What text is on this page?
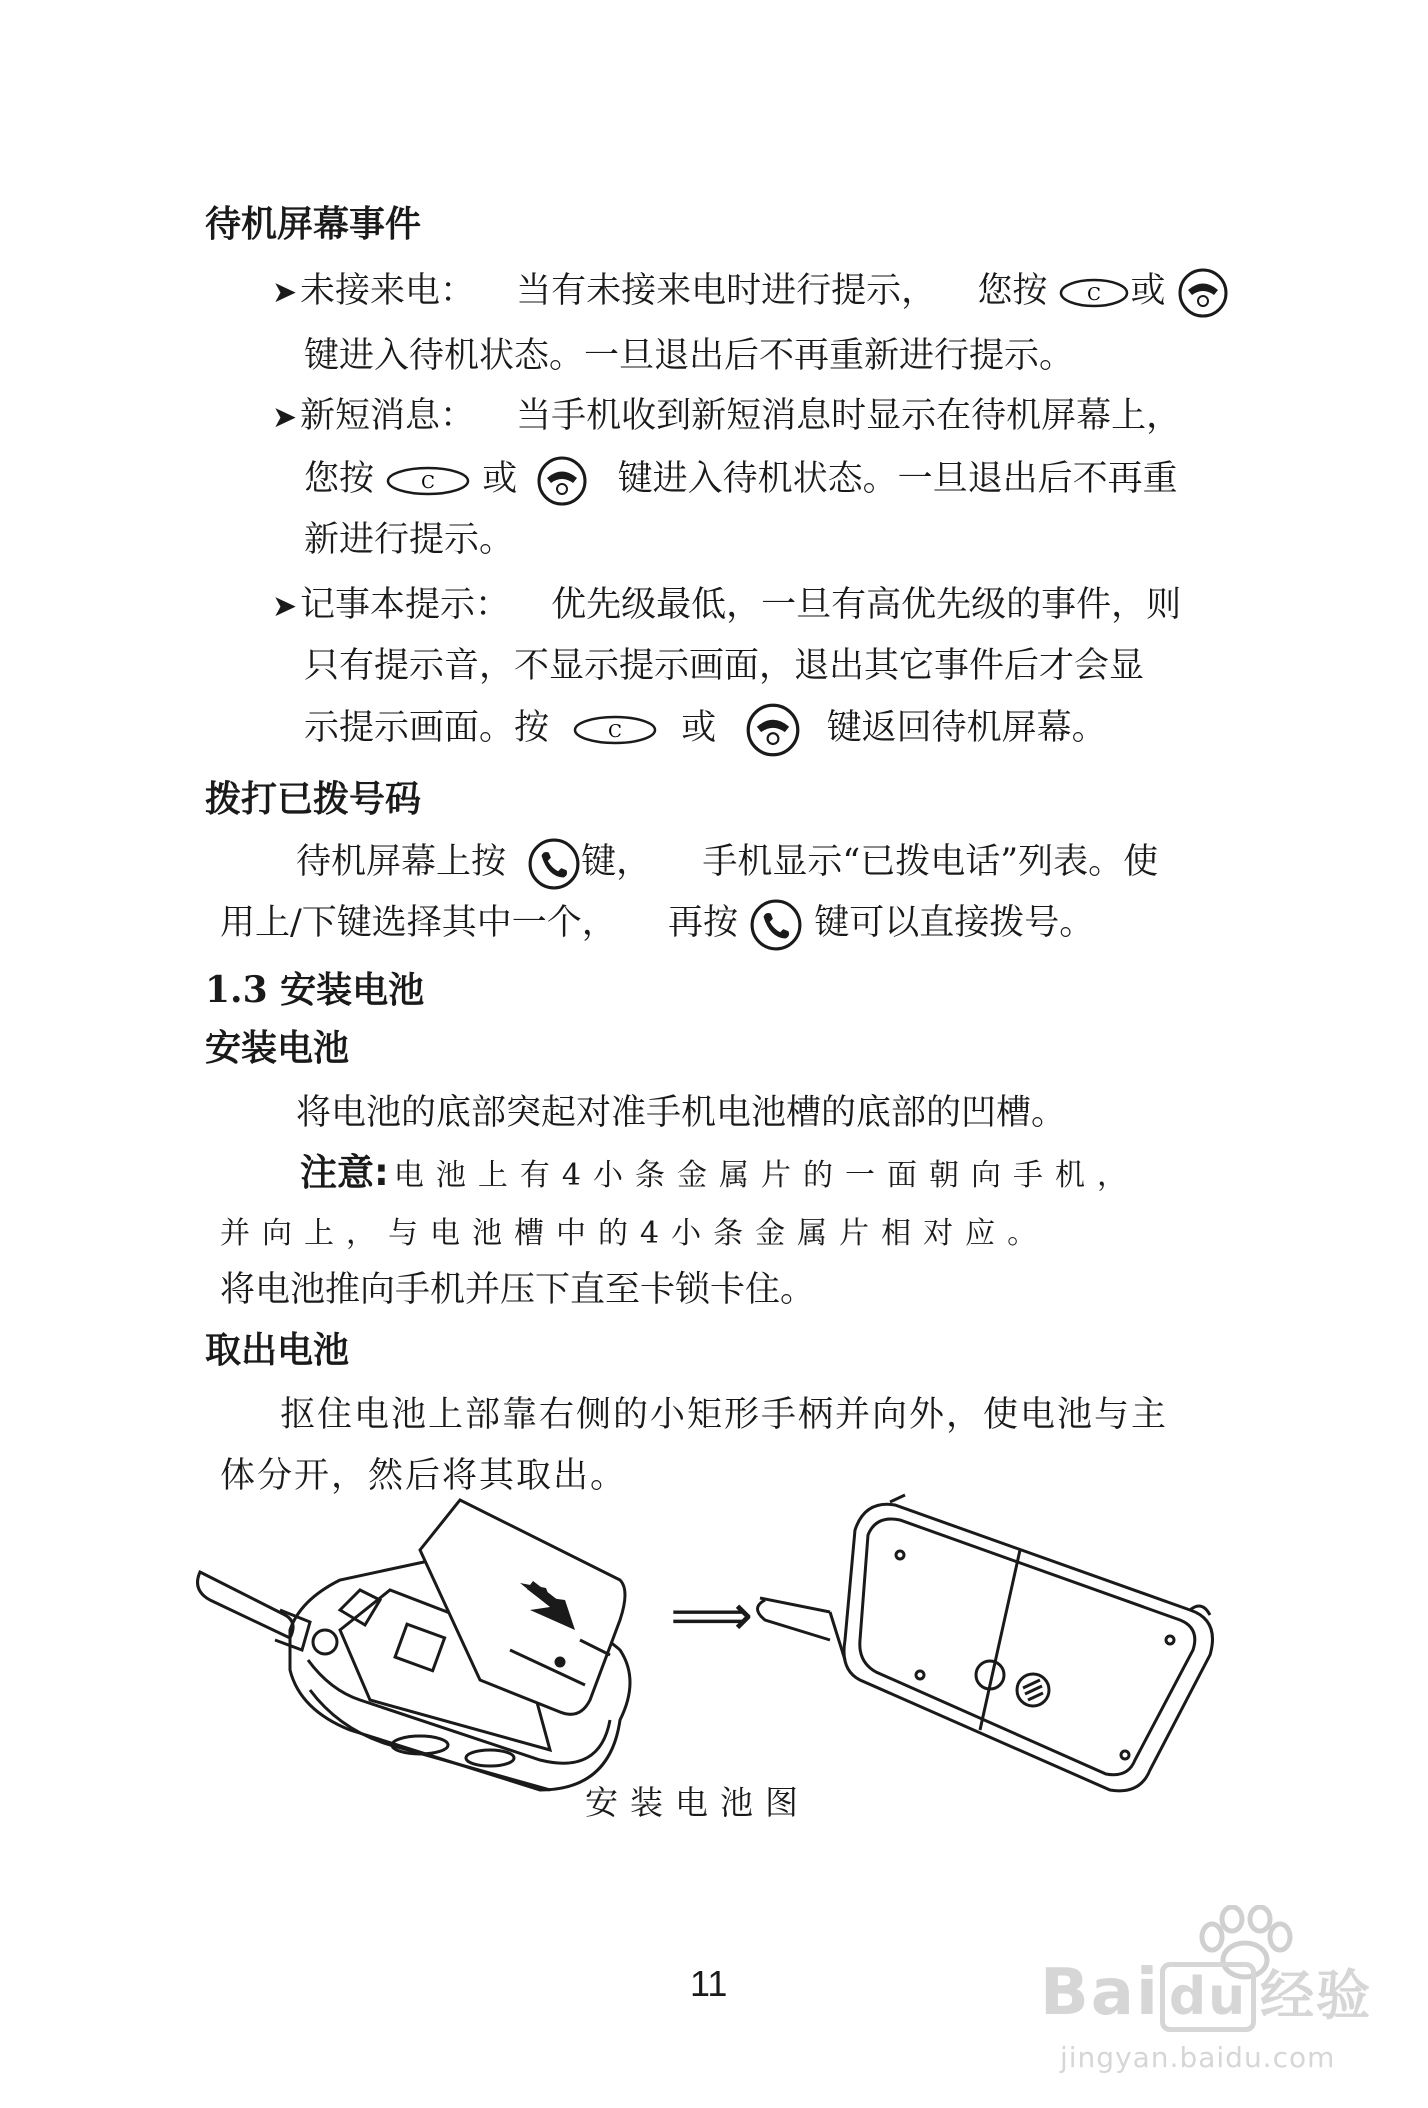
待机屏幕事件
➤未接来电： 当有未接来电时进行提示， 您按 C 或
键进入待机状态。一旦退出后不再重新进行提示。
➤新短消息： 当手机收到新短消息时显示在待机屏幕上，
您按	C 或	键进入待机状态。一旦退出后不再重
新进行提示。
➤记事本提示： 优先级最低，一旦有高优先级的事件，则
只有提示音，不显示提示画面，退出其它事件后才会显
示提示画面。按	C 或	键返回待机屏幕。
拨打已拨号码
待机屏幕上按 键， 手机显示“已拨电话”列表。使
用上/下键选择其中一个， 再按 键可以直接拨号。
1.3 安装电池
安装电池
将电池的底部突起对准手机电池槽的底部的凹槽。
注意: 电池上有4小条金属片的一面朝向手机，
并向上，与电池槽中的4小条金属片相对应。
将电池推向手机并压下直至卡锁卡住。
取出电池
抠住电池上部靠右侧的小矩形手柄并向外，使电池与主
体分开，然后将其取出。
⟹
安装电池图
11	Bai du 经验
jingyan.baidu.com
